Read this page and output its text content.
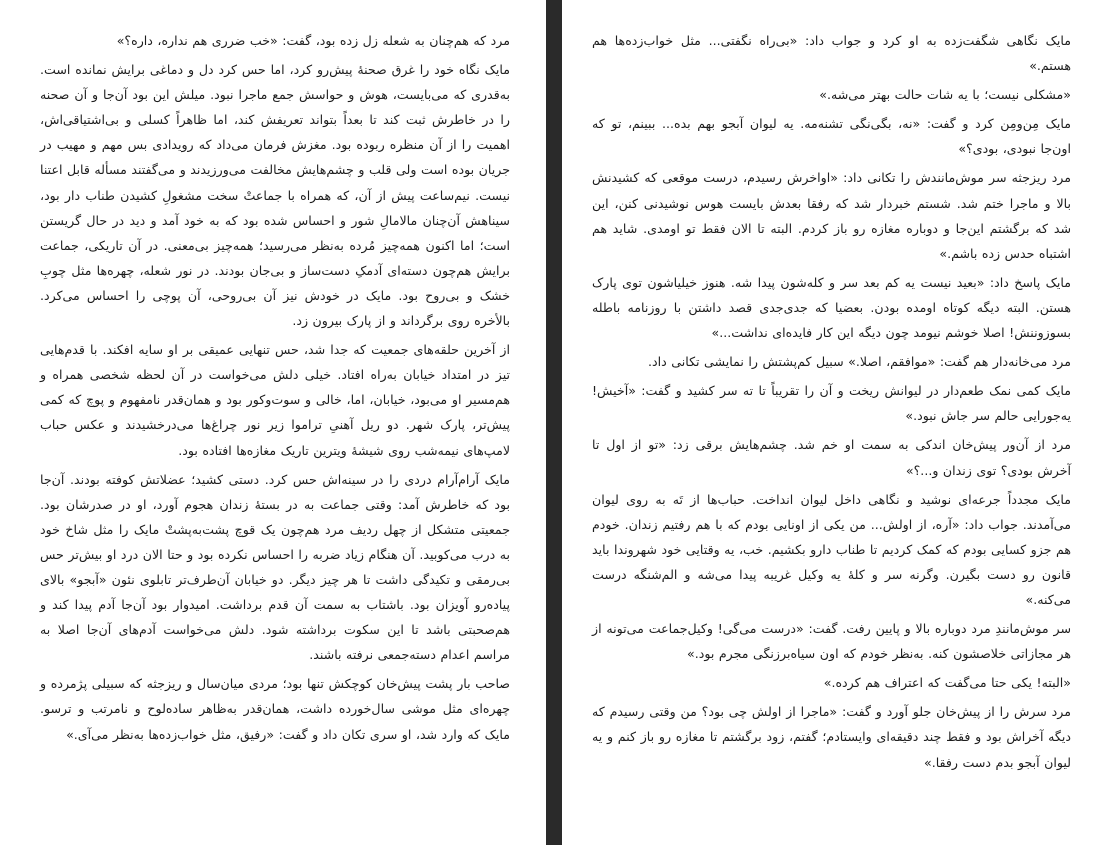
مرد که هم‌چنان به شعله زل زده بود، گفت: «خب ضرری هم نداره، داره؟»

مایک نگاه خود را غرق صحنهٔ پیش‌رو کرد، اما حس کرد دل و دماغی برایش نمانده است. به‌قدری که می‌بایست، هوش و حواسش جمع ماجرا نبود. میلش این بود آن‌جا و آن صحنه را در خاطرش ثبت کند تا بعداً بتواند تعریفش کند، اما ظاهراً کسلی و بی‌اشتیاقی‌اش، اهمیت را از آن منظره ربوده بود. مغزش فرمان می‌داد که رویدادی بس مهم و مهیب در جریان بوده است ولی قلب و چشم‌هایش مخالفت می‌ورزیدند و می‌گفتند مسأله قابل اعتنا نیست. نیم‌ساعت پیش از آن، که همراه با جماعتْ سخت مشغولِ کشیدن طناب دار بود، سیناهش آن‌چنان مالامالِ شور و احساس شده بود که به خود آمد و دید در حال گریستن است؛ اما اکنون همه‌چیز مُرده به‌نظر می‌رسید؛ همه‌چیز بی‌معنی. در آن تاریکی، جماعت برایش هم‌چون دسته‌ای آدمکِ دست‌ساز و بی‌جان بودند. در نور شعله، چهره‌ها مثل چوبِ خشک و بی‌روح بود. مایک در خودش نیز آن بی‌روحی، آن پوچی را احساس می‌کرد. بالأخره روی برگرداند و از پارک بیرون زد.

از آخرین حلقه‌های جمعیت که جدا شد، حس تنهایی عمیقی بر او سایه افکند. با قدم‌هایی تیز در امتداد خیابان به‌راه افتاد. خیلی دلش می‌خواست در آن لحظه شخصی همراه و هم‌مسیر او می‌بود، خیابان، اما، خالی و سوت‌وکور بود و همان‌قدر نامفهوم و پوچ که کمی پیش‌تر، پارک شهر. دو ریل آهنیِ تراموا زیر نور چراغ‌ها می‌درخشیدند و عکس حباب لامپ‌های نیمه‌شب روی شیشهٔ ویترین تاریک مغازه‌ها افتاده بود.

مایک آرام‌آرام دردی را در سینه‌اش حس کرد. دستی کشید؛ عضلاتش کوفته بودند. آن‌جا بود که خاطرش آمد: وقتی جماعت به در بستهٔ زندان هجوم آورد، او در صدرشان بود. جمعیتی متشکل از چهل ردیف مرد هم‌چون یک قوچ پشت‌به‌پشتْ مایک را مثل شاخ خود به درب می‌کوبید. آن هنگام زیاد ضربه را احساس نکرده بود و حتا الان درد او بیش‌تر حس بی‌رمقی و تکیدگی داشت تا هر چیز دیگر. دو خیابان آن‌طرف‌تر تابلوی نئون «آبجو» بالای پیاده‌رو آویزان بود. باشتاب به سمت آن قدم برداشت. امیدوار بود آن‌جا آدم پیدا کند و هم‌صحبتی باشد تا این سکوت برداشته شود. دلش می‌خواست آدم‌های آن‌جا اصلا به مراسم اعدام دسته‌جمعی نرفته باشند.

صاحب بار پشت پیش‌خان کوچکش تنها بود؛ مردی میان‌سال و ریزجثه که سبیلی پژمرده و چهره‌ای مثل موشی سال‌خورده داشت، همان‌قدر به‌ظاهر ساده‌لوح و نامرتب و ترسو. مایک که وارد شد، او سری تکان داد و گفت: «رفیق، مثل خواب‌زده‌ها به‌نظر می‌آی.»

مایک نگاهی شگفت‌زده به او کرد و جواب داد: «بی‌راه نگفتی... مثل خواب‌زده‌ها هم هستم.»

«مشکلی نیست؛ با یه شات حالت بهتر می‌شه.»

مایک مِن‌ومِن کرد و گفت: «نه، بگی‌نگی تشنه‌مه. یه لیوان آبجو بهم بده... ببینم، تو که اون‌جا نبودی، بودی؟»

مرد ریزجثه سر موش‌مانندش را تکانی داد: «اواخرش رسیدم، درست موقعی که کشیدنش بالا و ماجرا ختم شد. شستم خبردار شد که رفقا بعدش بایست هوس نوشیدنی کنن، این شد که برگشتم این‌جا و دوباره مغازه رو باز کردم. البته تا الان فقط تو اومدی. شاید هم اشتباه حدس زده باشم.»

مایک پاسخ داد: «بعید نیست یه کم بعد سر و کله‌شون پیدا شه. هنوز خیلیاشون توی پارک هستن. البته دیگه کوتاه اومده بودن. بعضیا که جدی‌جدی قصد داشتن با روزنامه باطله بسوزوننش! اصلا خوشم نیومد چون دیگه این کار فایده‌ای نداشت...»

مرد می‌خانه‌دار هم گفت: «موافقم، اصلا.» سبیل کم‌پشتش را نمایشی تکانی داد.

مایک کمی نمک طعم‌دار در لیوانش ریخت و آن را تقریباً تا ته سر کشید و گفت: «آخیش! یه‌جورایی حالم سر جاش نبود.»

مرد از آن‌ور پیش‌خان اندکی به سمت او خم شد. چشم‌هایش برقی زد: «تو از اول تا آخرش بودی؟ توی زندان و...؟»

مایک مجدداً جرعه‌ای نوشید و نگاهی داخل لیوان انداخت. حباب‌ها از تَه به روی لیوان می‌آمدند. جواب داد: «آره، از اولش... من یکی از اونایی بودم که با هم رفتیم زندان. خودم هم جزو کسایی بودم که کمک کردیم تا طناب دارو بکشیم. خب، یه وقتایی خود شهروندا باید قانون رو دست بگیرن. وگرنه سر و کلهٔ یه وکیل غریبه پیدا می‌شه و الم‌شنگه درست می‌کنه.»

سر موش‌مانندِ مرد دوباره بالا و پایین رفت. گفت: «درست می‌گی! وکیل‌جماعت می‌تونه از هر مجازاتی خلاصشون کنه. به‌نظر خودم که اون سیاه‌برزنگی مجرم بود.»

«البته! یکی حتا می‌گفت که اعتراف هم کرده.»

مرد سرش را از پیش‌خان جلو آورد و گفت: «ماجرا از اولش چی بود؟ من وقتی رسیدم که دیگه آخراش بود و فقط چند دقیقه‌ای وایستادم؛ گفتم، زود برگشتم تا مغازه رو باز کنم و یه لیوان آبجو بدم دست رفقا.»
